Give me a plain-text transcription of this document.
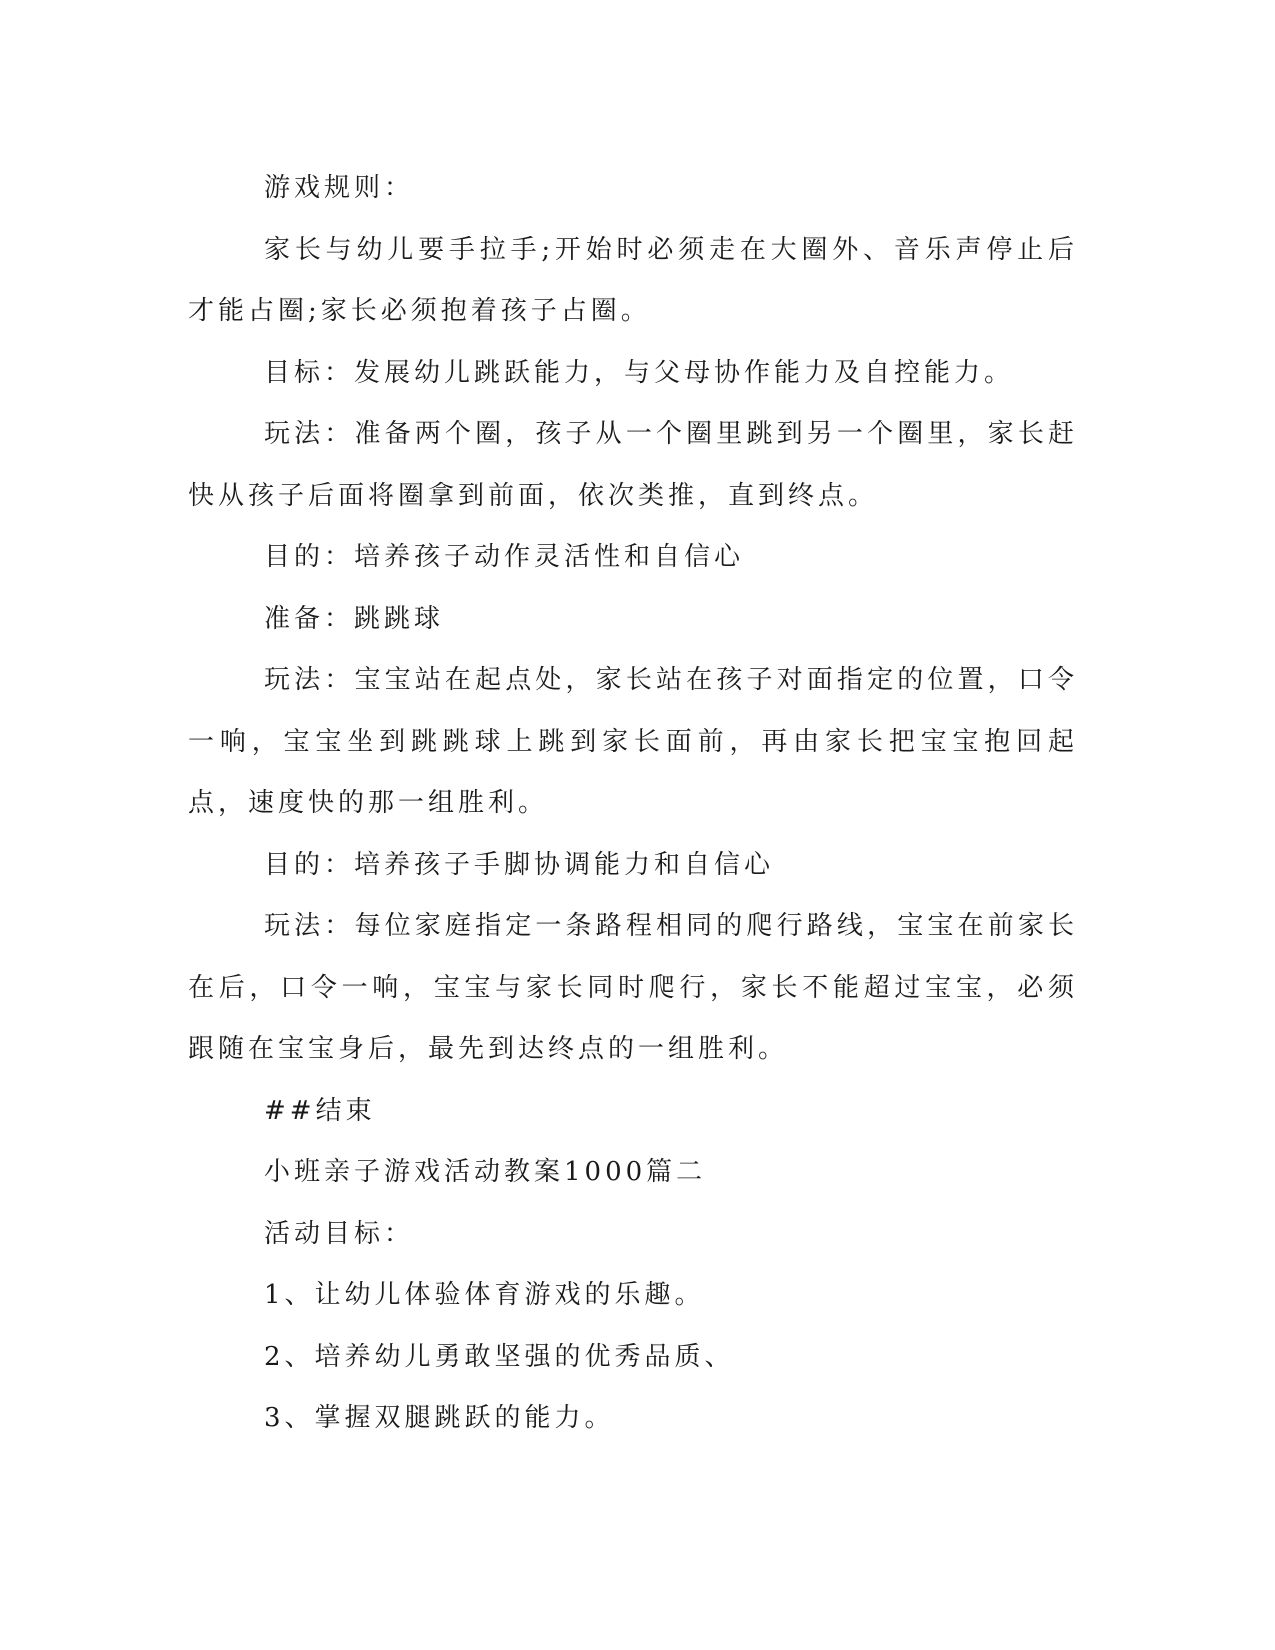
游戏规则：

家长与幼儿要手拉手;开始时必须走在大圈外、音乐声停止后才能占圈;家长必须抱着孩子占圈。

目标：发展幼儿跳跃能力，与父母协作能力及自控能力。

玩法：准备两个圈，孩子从一个圈里跳到另一个圈里，家长赶快从孩子后面将圈拿到前面，依次类推，直到终点。

目的：培养孩子动作灵活性和自信心

准备：跳跳球

玩法：宝宝站在起点处，家长站在孩子对面指定的位置，口令一响，宝宝坐到跳跳球上跳到家长面前，再由家长把宝宝抱回起点，速度快的那一组胜利。

目的：培养孩子手脚协调能力和自信心

玩法：每位家庭指定一条路程相同的爬行路线，宝宝在前家长在后，口令一响，宝宝与家长同时爬行，家长不能超过宝宝，必须跟随在宝宝身后，最先到达终点的一组胜利。

##结束

小班亲子游戏活动教案1000篇二

活动目标：

1、让幼儿体验体育游戏的乐趣。

2、培养幼儿勇敢坚强的优秀品质、

3、掌握双腿跳跃的能力。
